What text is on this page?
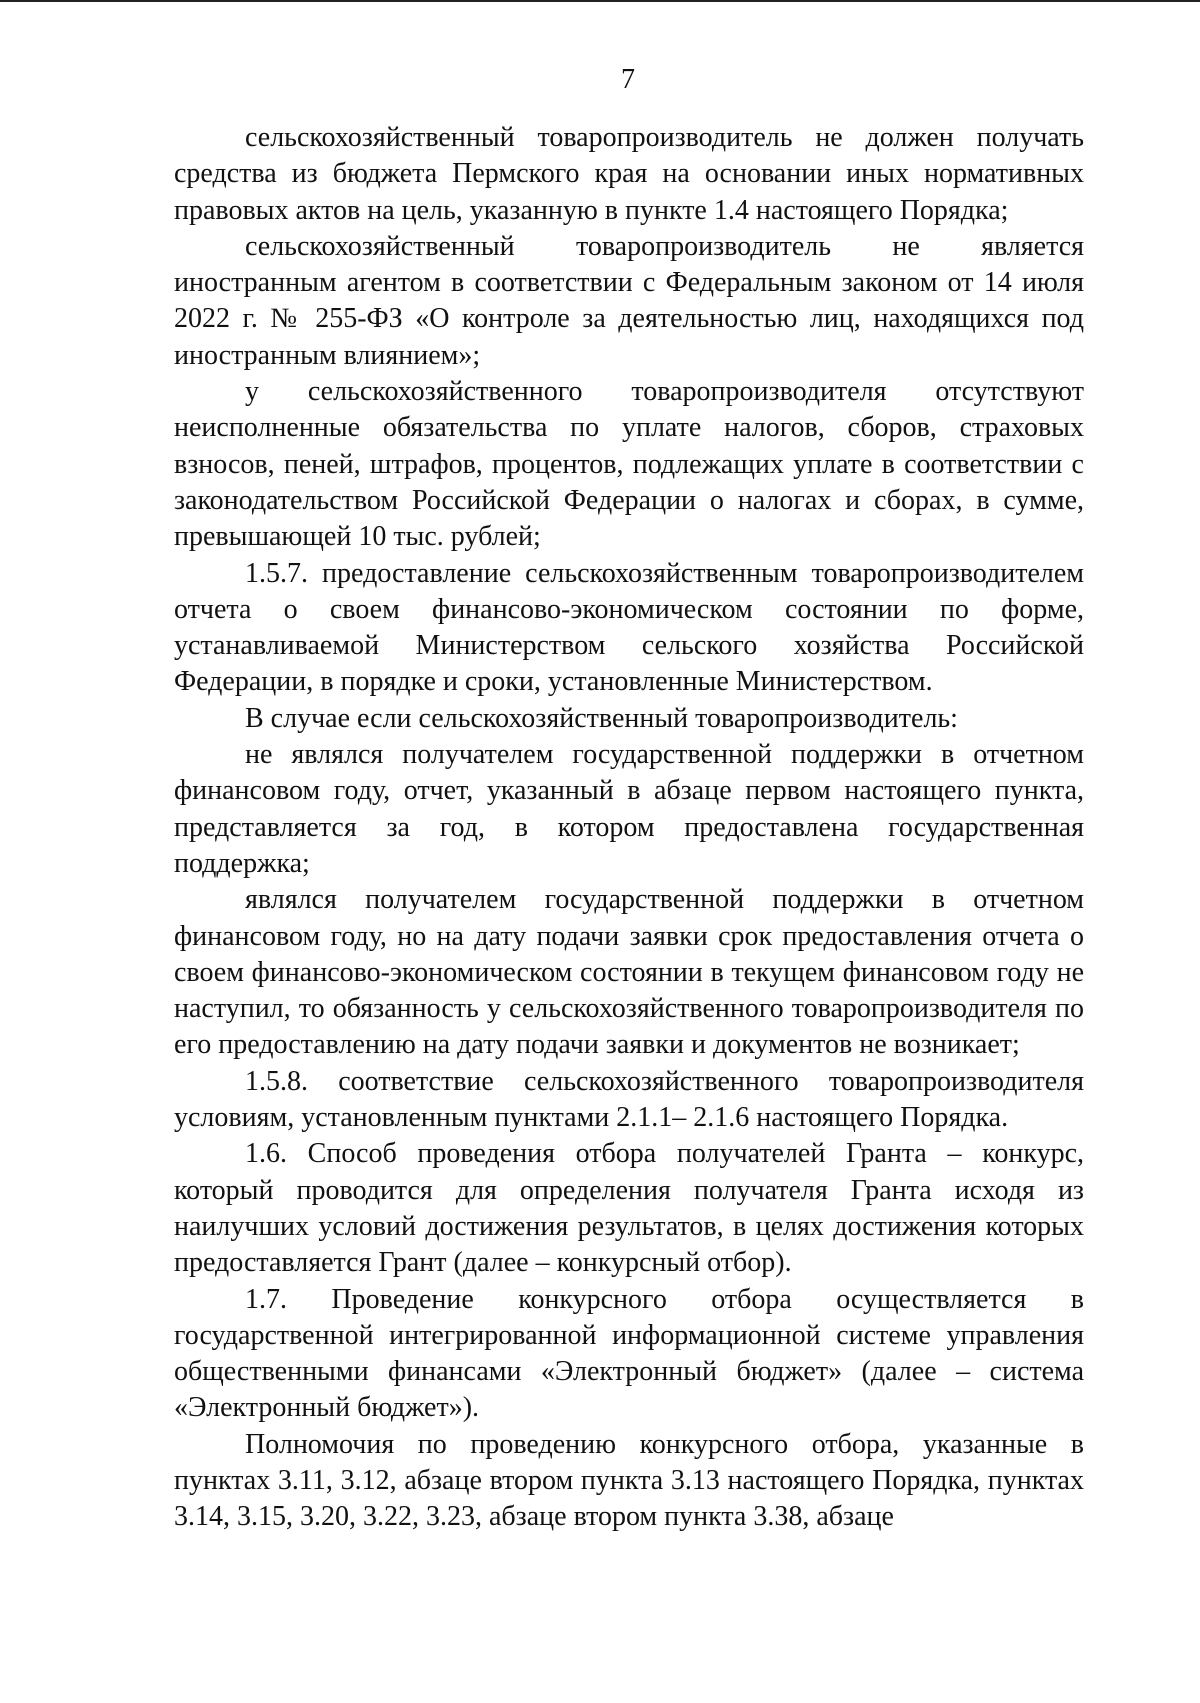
7

сельскохозяйственный товаропроизводитель не должен получать средства из бюджета Пермского края на основании иных нормативных правовых актов на цель, указанную в пункте 1.4 настоящего Порядка;

сельскохозяйственный товаропроизводитель не является иностранным агентом в соответствии с Федеральным законом от 14 июля 2022 г. № 255-ФЗ «О контроле за деятельностью лиц, находящихся под иностранным влиянием»;

у сельскохозяйственного товаропроизводителя отсутствуют неисполненные обязательства по уплате налогов, сборов, страховых взносов, пеней, штрафов, процентов, подлежащих уплате в соответствии с законодательством Российской Федерации о налогах и сборах, в сумме, превышающей 10 тыс. рублей;

1.5.7. предоставление сельскохозяйственным товаропроизводителем отчета о своем финансово-экономическом состоянии по форме, устанавливаемой Министерством сельского хозяйства Российской Федерации, в порядке и сроки, установленные Министерством.

В случае если сельскохозяйственный товаропроизводитель:

не являлся получателем государственной поддержки в отчетном финансовом году, отчет, указанный в абзаце первом настоящего пункта, представляется за год, в котором предоставлена государственная поддержка;

являлся получателем государственной поддержки в отчетном финансовом году, но на дату подачи заявки срок предоставления отчета о своем финансово-экономическом состоянии в текущем финансовом году не наступил, то обязанность у сельскохозяйственного товаропроизводителя по его предоставлению на дату подачи заявки и документов не возникает;

1.5.8. соответствие сельскохозяйственного товаропроизводителя условиям, установленным пунктами 2.1.1– 2.1.6 настоящего Порядка.

1.6. Способ проведения отбора получателей Гранта – конкурс, который проводится для определения получателя Гранта исходя из наилучших условий достижения результатов, в целях достижения которых предоставляется Грант (далее – конкурсный отбор).

1.7. Проведение конкурсного отбора осуществляется в государственной интегрированной информационной системе управления общественными финансами «Электронный бюджет» (далее – система «Электронный бюджет»).

Полномочия по проведению конкурсного отбора, указанные в пунктах 3.11, 3.12, абзаце втором пункта 3.13 настоящего Порядка, пунктах 3.14, 3.15, 3.20, 3.22, 3.23, абзаце втором пункта 3.38, абзаце
